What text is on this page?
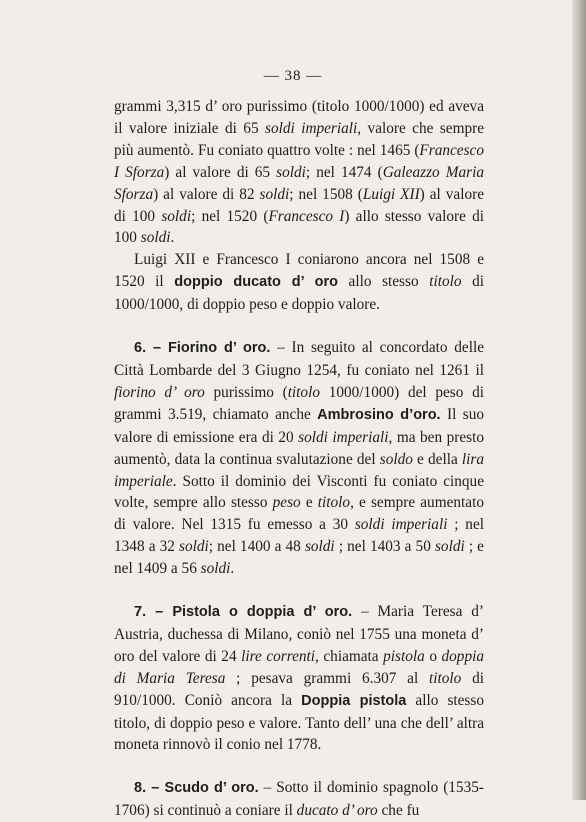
— 38 —

grammi 3,315 d’ oro purissimo (titolo 1000/1000) ed aveva il valore iniziale di 65 soldi imperiali, valore che sempre più aumentò. Fu coniato quattro volte : nel 1465 (Francesco I Sforza) al valore di 65 soldi; nel 1474 (Galeazzo Maria Sforza) al valore di 82 soldi; nel 1508 (Luigi XII) al valore di 100 soldi; nel 1520 (Francesco I) allo stesso valore di 100 soldi.

Luigi XII e Francesco I coniarono ancora nel 1508 e 1520 il doppio ducato d’ oro allo stesso titolo di 1000/1000, di doppio peso e doppio valore.

6. – Fiorino d’ oro. – In seguito al concordato delle Città Lombarde del 3 Giugno 1254, fu coniato nel 1261 il fiorino d’ oro purissimo (titolo 1000/1000) del peso di grammi 3.519, chiamato anche Ambrosino d’oro. Il suo valore di emissione era di 20 soldi imperiali, ma ben presto aumentò, data la continua svalutazione del soldo e della lira imperiale. Sotto il dominio dei Visconti fu coniato cinque volte, sempre allo stesso peso e titolo, e sempre aumentato di valore. Nel 1315 fu emesso a 30 soldi imperiali ; nel 1348 a 32 soldi; nel 1400 a 48 soldi ; nel 1403 a 50 soldi ; e nel 1409 a 56 soldi.

7. – Pistola o doppia d’ oro. – Maria Teresa d’ Austria, duchessa di Milano, coniò nel 1755 una moneta d’ oro del valore di 24 lire correnti, chiamata pistola o doppia di Maria Teresa ; pesava grammi 6.307 al titolo di 910/1000. Coniò ancora la Doppia pistola allo stesso titolo, di doppio peso e valore. Tanto dell’ una che dell’ altra moneta rinnovò il conio nel 1778.

8. – Scudo d’ oro. – Sotto il dominio spagnolo (1535-1706) si continuò a coniare il ducato d’ oro che fu
